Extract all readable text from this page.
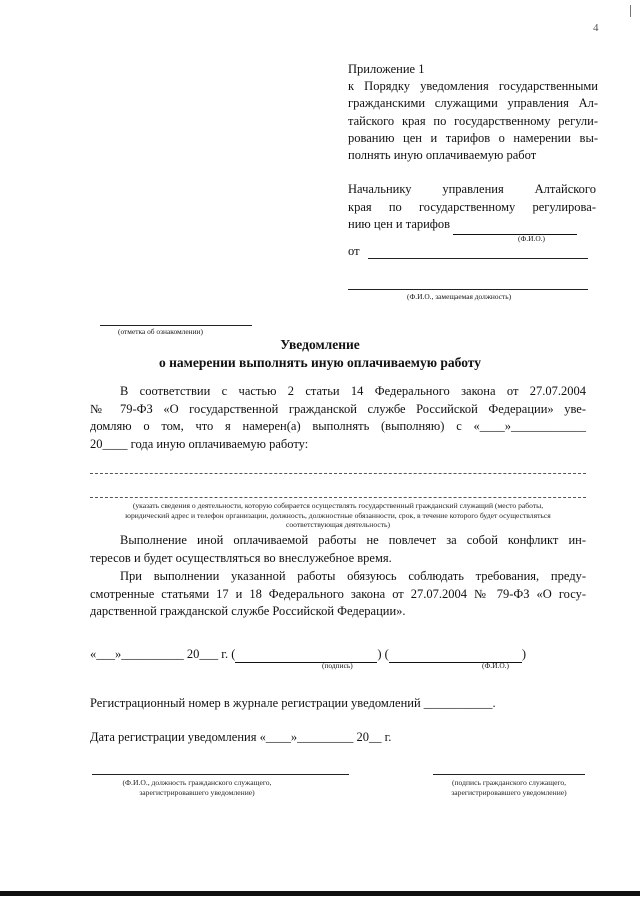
4
Приложение 1
к Порядку уведомления государственными
гражданскими служащими управления Ал-
тайского края по государственному регули-
рованию цен и тарифов о намерении вы-
полнять иную оплачиваемую работ
Начальнику управления Алтайского
края по государственному регулирова-
нию цен и тарифов
(Ф.И.О.)
от
(Ф.И.О., замещаемая должность)
(отметка об ознакомлении)
Уведомление
о намерении выполнять иную оплачиваемую работу
В соответствии с частью 2 статьи 14 Федерального закона от 27.07.2004
№ 79-ФЗ «О государственной гражданской службе Российской Федерации» уве-
домляю о том, что я намерен(а) выполнять (выполняю) с «____»____________
20____ года иную оплачиваемую работу:
(указать сведения о деятельности, которую собирается осуществлять государственный гражданский служащий (место работы,
юридический адрес и телефон организации, должность, должностные обязанности, срок, в течение которого будет осуществляться
соответствующая деятельность)
Выполнение иной оплачиваемой работы не повлечет за собой конфликт ин-
тересов и будет осуществляться во внеслужебное время.
При выполнении указанной работы обязуюсь соблюдать требования, преду-
смотренные статьями 17 и 18 Федерального закона от 27.07.2004 № 79-ФЗ «О госу-
дарственной гражданской службе Российской Федерации».
«___»__________ 20___ г. (	) (	)
(подпись)	(Ф.И.О.)
Регистрационный номер в журнале регистрации уведомлений ___________.
Дата регистрации уведомления «____»_________ 20__ г.
(Ф.И.О., должность гражданского служащего,
зарегистрировавшего уведомление)
(подпись гражданского служащего,
зарегистрировавшего уведомление)
